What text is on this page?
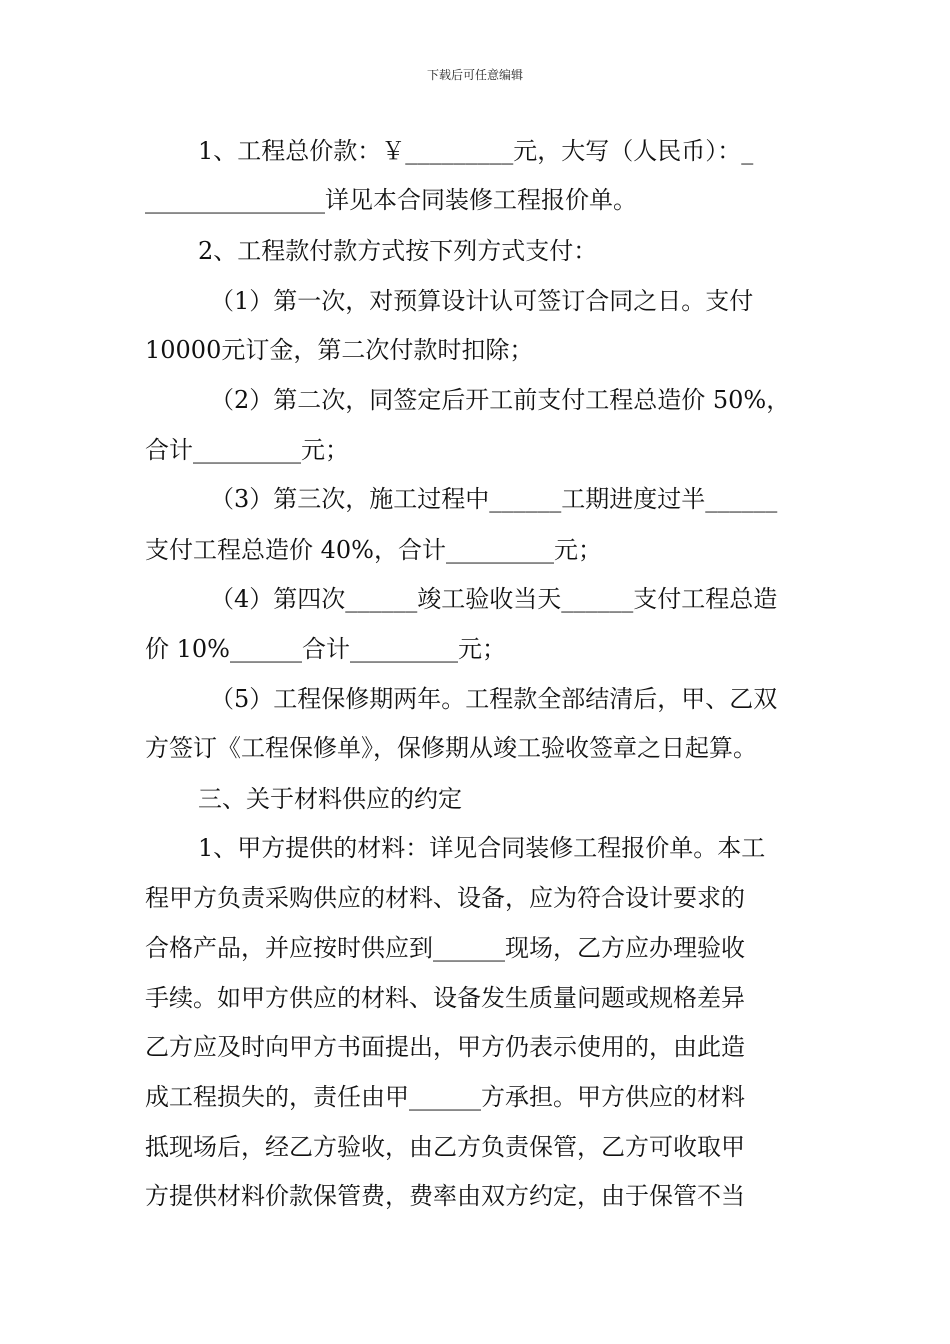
下载后可任意编辑
1、工程总价款：￥_________元，大写（人民币）：_
_______________详见本合同装修工程报价单。
2、工程款付款方式按下列方式支付：
（1）第一次，对预算设计认可签订合同之日。支付
10000元订金，第二次付款时扣除；
（2）第二次，同签定后开工前支付工程总造价 50%，
合计_________元；
（3）第三次，施工过程中______工期进度过半______
支付工程总造价 40%，合计_________元；
（4）第四次______竣工验收当天______支付工程总造
价 10%______合计_________元；
（5）工程保修期两年。工程款全部结清后，甲、乙双
方签订《工程保修单》，保修期从竣工验收签章之日起算。
三、关于材料供应的约定
1、甲方提供的材料：详见合同装修工程报价单。本工
程甲方负责采购供应的材料、设备，应为符合设计要求的
合格产品，并应按时供应到______现场，乙方应办理验收
手续。如甲方供应的材料、设备发生质量问题或规格差异
乙方应及时向甲方书面提出，甲方仍表示使用的，由此造
成工程损失的，责任由甲______方承担。甲方供应的材料
抵现场后，经乙方验收，由乙方负责保管，乙方可收取甲
方提供材料价款保管费，费率由双方约定，由于保管不当
